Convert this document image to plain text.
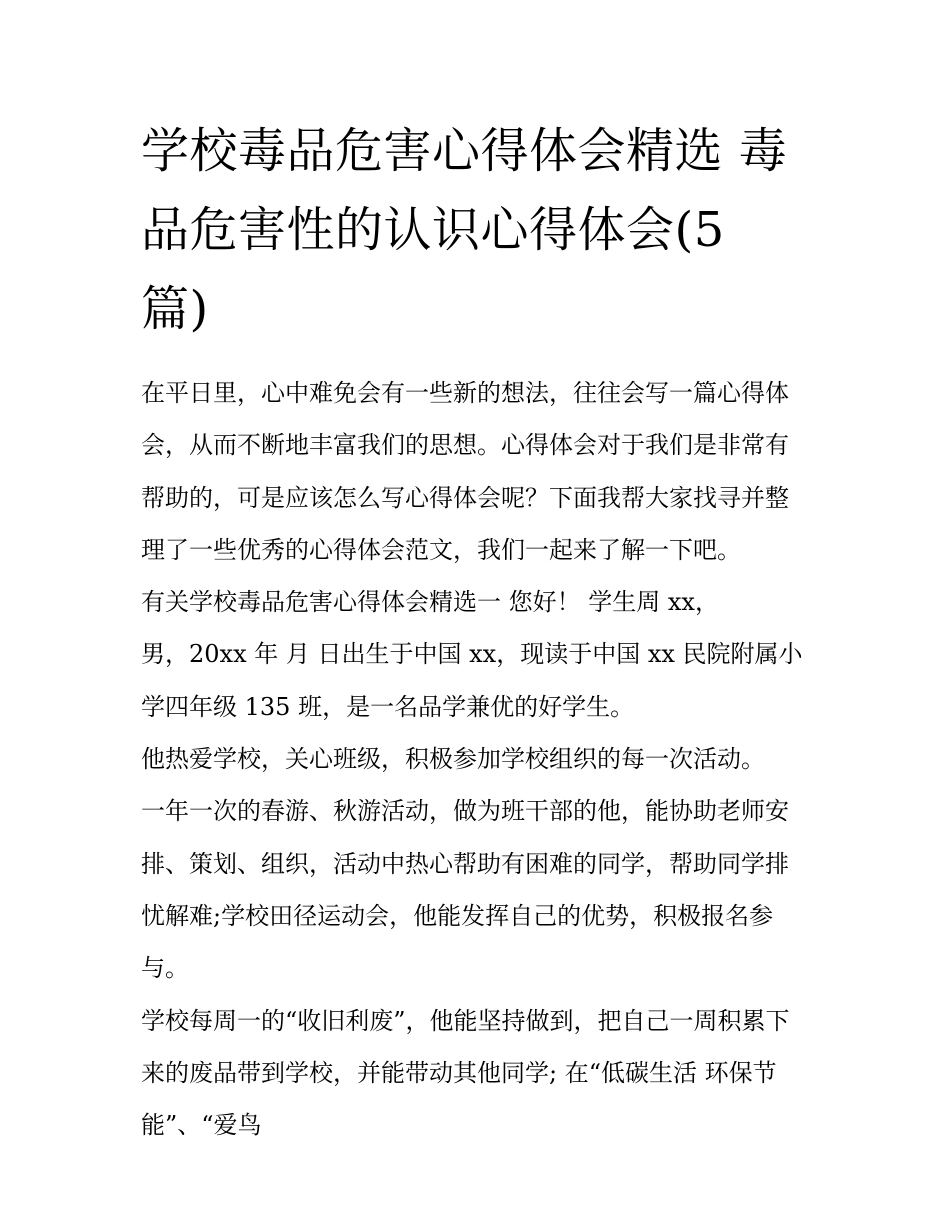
学校毒品危害心得体会精选 毒
品危害性的认识心得体会(5
篇)
在平日里，心中难免会有一些新的想法，往往会写一篇心得体
会，从而不断地丰富我们的思想。心得体会对于我们是非常有
帮助的，可是应该怎么写心得体会呢？下面我帮大家找寻并整
理了一些优秀的心得体会范文，我们一起来了解一下吧。
有关学校毒品危害心得体会精选一 您好！ 学生周 xx，
男，20xx 年 月 日出生于中国 xx，现读于中国 xx 民院附属小
学四年级 135 班，是一名品学兼优的好学生。
他热爱学校，关心班级，积极参加学校组织的每一次活动。
一年一次的春游、秋游活动，做为班干部的他，能协助老师安
排、策划、组织，活动中热心帮助有困难的同学，帮助同学排
忧解难;学校田径运动会，他能发挥自己的优势，积极报名参
与。
学校每周一的“收旧利废”，他能坚持做到，把自己一周积累下
来的废品带到学校，并能带动其他同学; 在“低碳生活 环保节
能”、“爱鸟
